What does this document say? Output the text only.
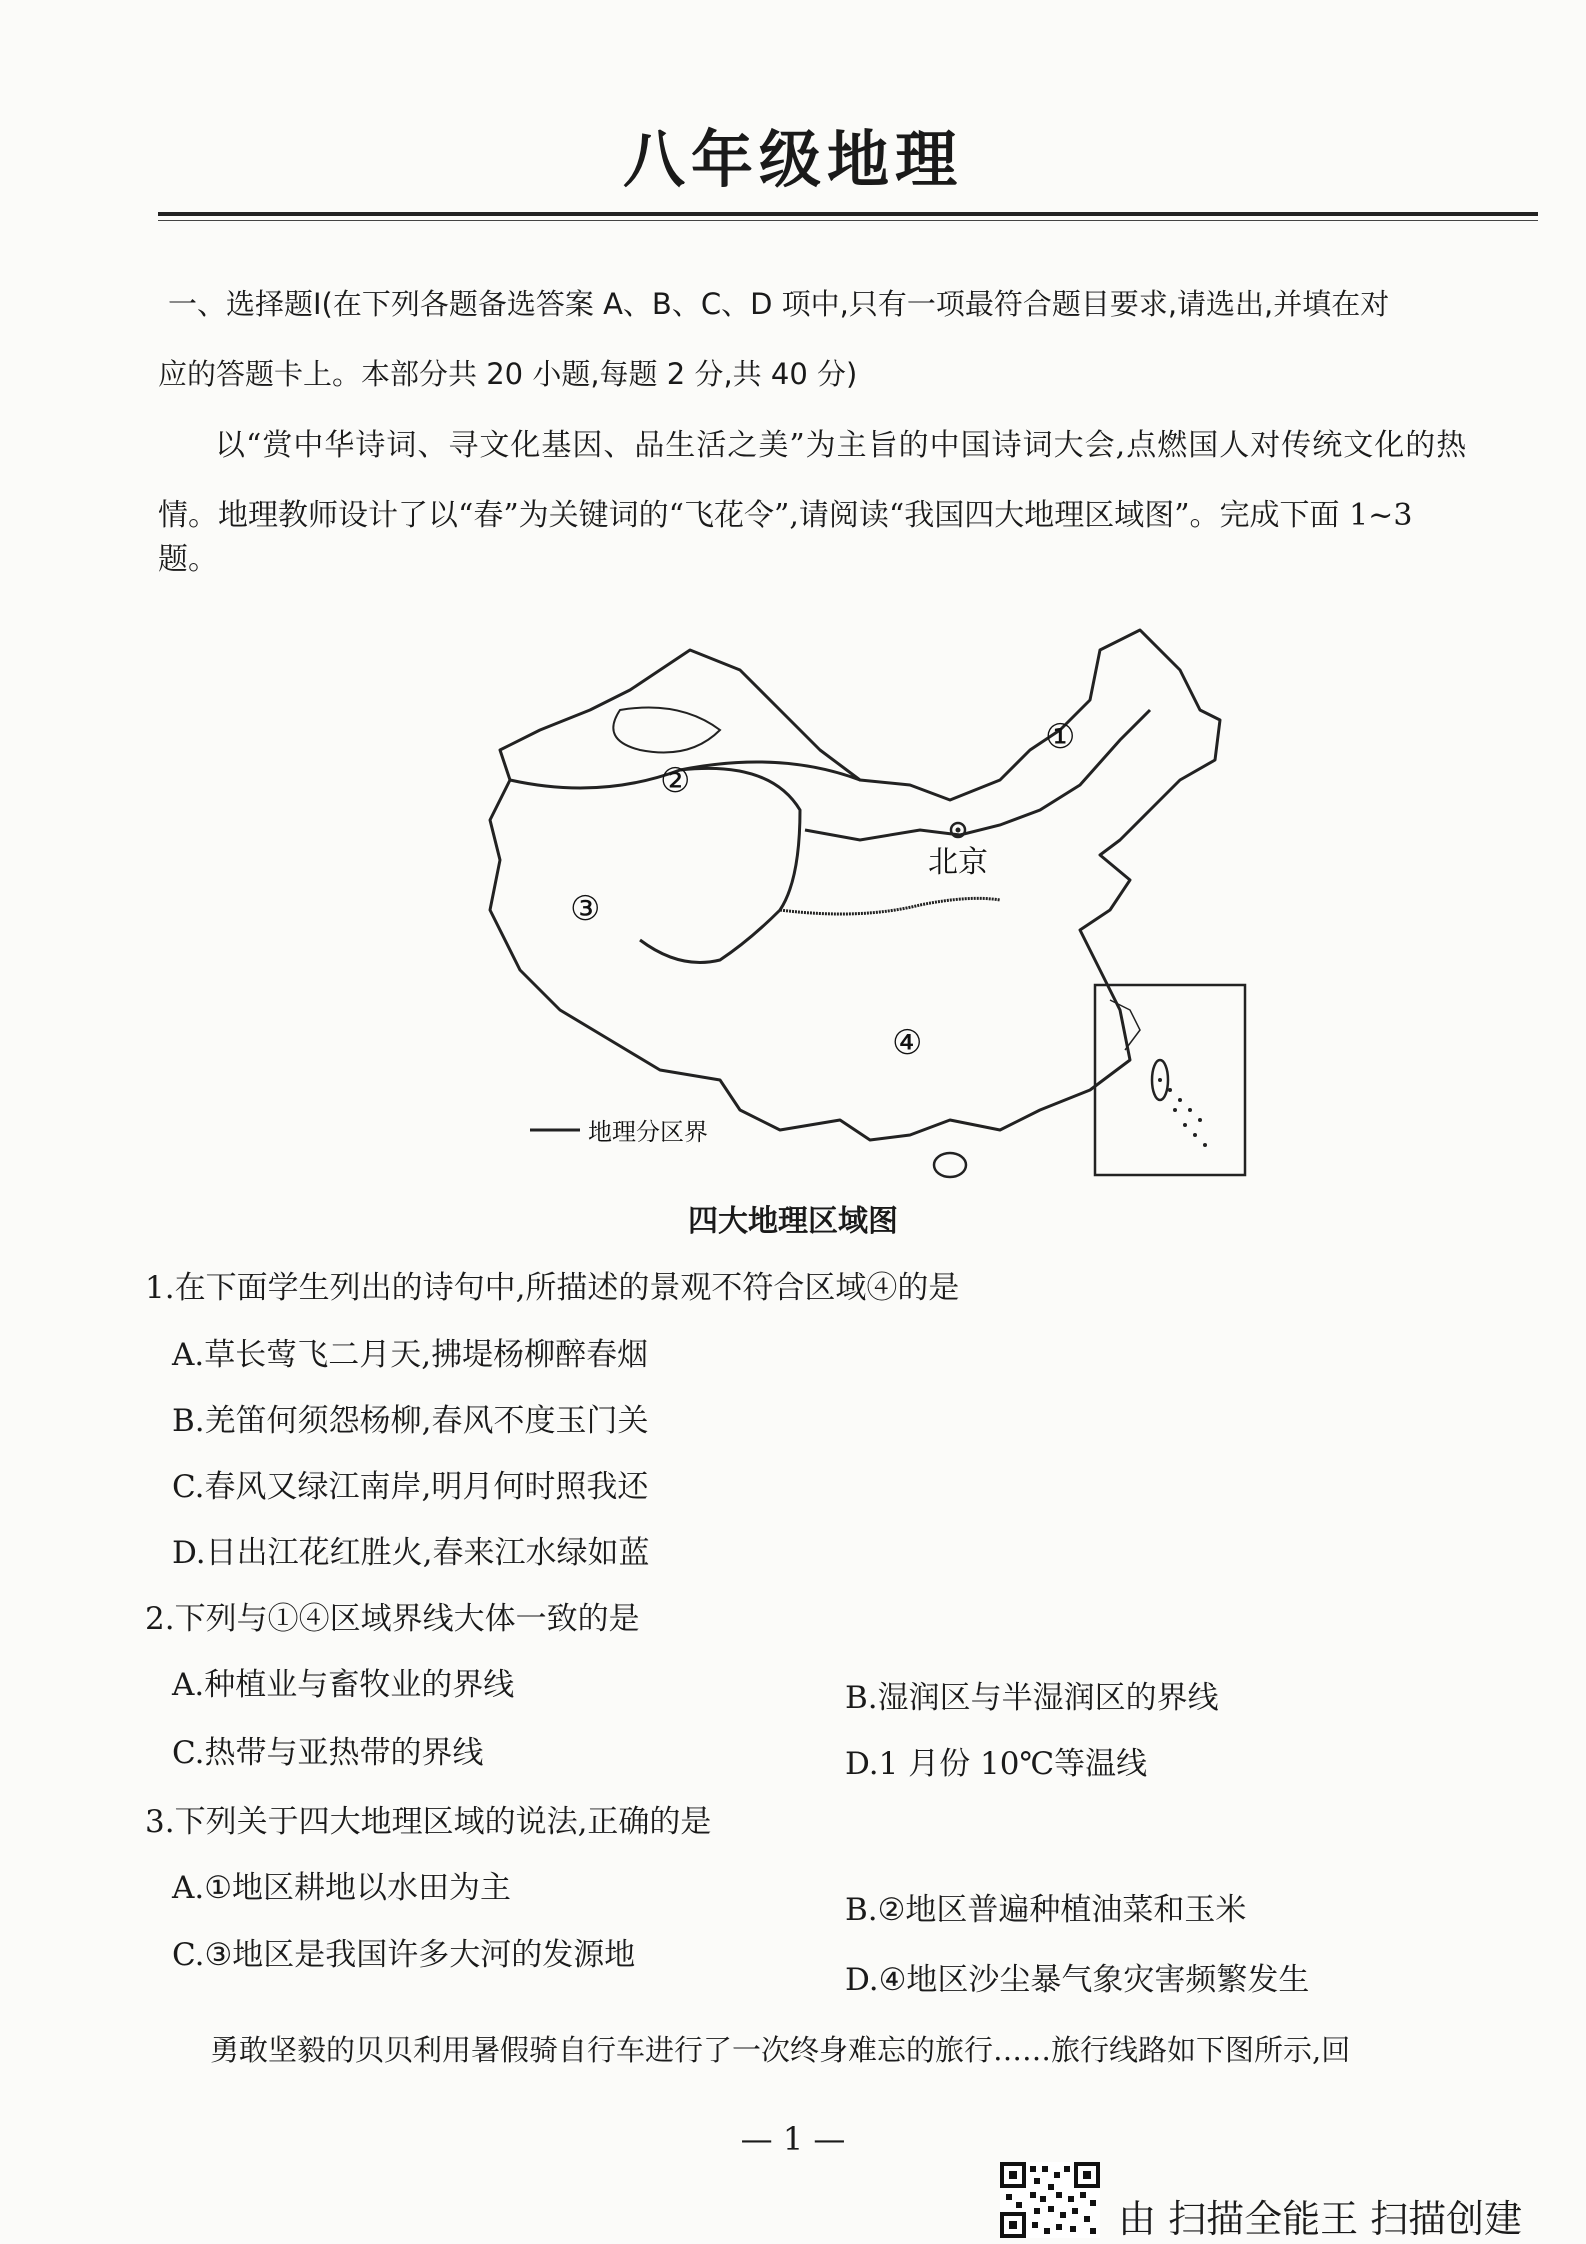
八年级地理
一、选择题Ⅰ(在下列各题备选答案 A、B、C、D 项中,只有一项最符合题目要求,请选出,并填在对
应的答题卡上。本部分共 20 小题,每题 2 分,共 40 分)
以“赏中华诗词、寻文化基因、品生活之美”为主旨的中国诗词大会,点燃国人对传统文化的热
情。地理教师设计了以“春”为关键词的“飞花令”,请阅读“我国四大地理区域图”。完成下面 1~3
题。
北京
①
②
③
④
地理分区界
四大地理区域图
1.在下面学生列出的诗句中,所描述的景观不符合区域④的是
A.草长莺飞二月天,拂堤杨柳醉春烟
B.羌笛何须怨杨柳,春风不度玉门关
C.春风又绿江南岸,明月何时照我还
D.日出江花红胜火,春来江水绿如蓝
2.下列与①④区域界线大体一致的是
A.种植业与畜牧业的界线	B.湿润区与半湿润区的界线
C.热带与亚热带的界线	D.1 月份 10℃等温线
3.下列关于四大地理区域的说法,正确的是
A.①地区耕地以水田为主
B.②地区普遍种植油菜和玉米
C.③地区是我国许多大河的发源地
D.④地区沙尘暴气象灾害频繁发生
勇敢坚毅的贝贝利用暑假骑自行车进行了一次终身难忘的旅行……旅行线路如下图所示,回
— 1 —
由 扫描全能王 扫描创建
